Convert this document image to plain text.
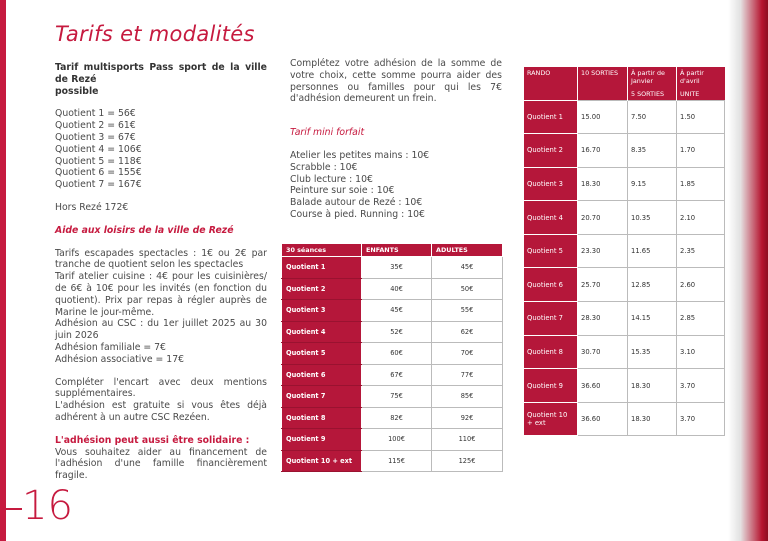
Tarifs et modalités
Tarif multisports Pass sport de la ville de Rezé
possible
Quotient 1 = 56€
Quotient 2 = 61€
Quotient 3 = 67€
Quotient 4 = 106€
Quotient 5 = 118€
Quotient 6 = 155€
Quotient 7 = 167€
Hors Rezé 172€
Aide aux loisirs de la ville de Rezé
Tarifs escapades spectacles : 1€ ou 2€ par tranche de quotient selon les spectacles
Tarif atelier cuisine : 4€ pour les cuisinières/ de 6€ à 10€ pour les invités (en fonction du quotient). Prix par repas à régler auprès de Marine le jour-même.
Adhésion au CSC : du 1er juillet 2025 au 30 juin 2026
Adhésion familiale = 7€
Adhésion associative = 17€
Compléter l'encart avec deux mentions supplémentaires.
L'adhésion est gratuite si vous êtes déjà adhérent à un autre CSC Rezéen.
L'adhésion peut aussi être solidaire :
Vous souhaitez aider au financement de l'adhésion d'une famille financièrement fragile.
Complétez votre adhésion de la somme de votre choix, cette somme pourra aider des personnes ou familles pour qui les 7€ d'adhésion demeurent un frein.
Tarif mini forfait
Atelier les petites mains : 10€
Scrabble : 10€
Club lecture : 10€
Peinture sur soie : 10€
Balade autour de Rezé : 10€
Course à pied. Running : 10€
30 séances	ENFANTS	ADULTES
Quotient 1	35€	45€
Quotient 2	40€	50€
Quotient 3	45€	55€
Quotient 4	52€	62€
Quotient 5	60€	70€
Quotient 6	67€	77€
Quotient 7	75€	85€
Quotient 8	82€	92€
Quotient 9	100€	110€
Quotient 10 + ext	115€	125€
RANDO	10 SORTIES	À partir de Janvier	À partir d'avril
		5 SORTIES	UNITE
Quotient 1	15.00	7.50	1.50
Quotient 2	16.70	8.35	1.70
Quotient 3	18.30	9.15	1.85
Quotient 4	20.70	10.35	2.10
Quotient 5	23.30	11.65	2.35
Quotient 6	25.70	12.85	2.60
Quotient 7	28.30	14.15	2.85
Quotient 8	30.70	15.35	3.10
Quotient 9	36.60	18.30	3.70
Quotient 10 + ext	36.60	18.30	3.70
16
